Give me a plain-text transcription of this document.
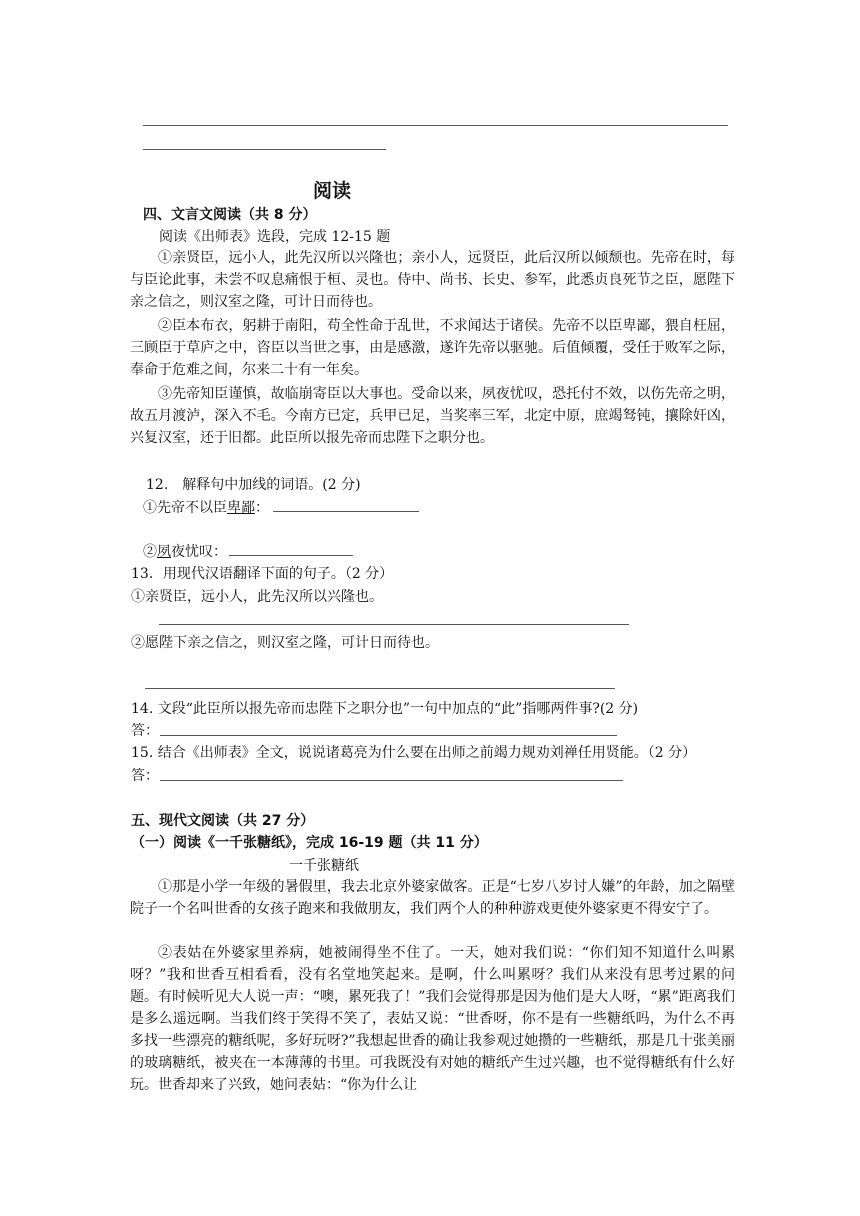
阅读
四、文言文阅读（共 8 分）
阅读《出师表》选段，完成 12-15 题

①亲贤臣，远小人，此先汉所以兴隆也；亲小人，远贤臣，此后汉所以倾颓也。先帝在时，每与臣论此事，未尝不叹息痛恨于桓、灵也。侍中、尚书、长史、参军，此悉贞良死节之臣，愿陛下亲之信之，则汉室之隆，可计日而待也。

②臣本布衣，躬耕于南阳，苟全性命于乱世，不求闻达于诸侯。先帝不以臣卑鄙，猥自枉屈，三顾臣于草庐之中，咨臣以当世之事，由是感激，遂许先帝以驱驰。后值倾覆，受任于败军之际，奉命于危难之间，尔来二十有一年矣。

③先帝知臣谨慎，故临崩寄臣以大事也。受命以来，夙夜忧叹，恐托付不效，以伤先帝之明，故五月渡泸，深入不毛。今南方已定，兵甲已足，当奖率三军，北定中原，庶竭驽钝，攘除奸凶，兴复汉室，还于旧都。此臣所以报先帝而忠陛下之职分也。

12.　解释句中加线的词语。(2 分)
①先帝不以臣卑鄙：
②夙夜忧叹：
13．用现代汉语翻译下面的句子。（2 分）
①亲贤臣，远小人，此先汉所以兴隆也。
②愿陛下亲之信之，则汉室之隆，可计日而待也。
14. 文段“此臣所以报先帝而忠陛下之职分也”一句中加点的“此”指哪两件事?(2 分)
答：
15. 结合《出师表》全文，说说诸葛亮为什么要在出师之前竭力规劝刘禅任用贤能。（2 分）
答：
五、现代文阅读（共 27 分）
（一）阅读《一千张糖纸》，完成 16-19 题（共 11 分）
一千张糖纸

①那是小学一年级的暑假里，我去北京外婆家做客。正是“七岁八岁讨人嫌”的年龄，加之隔壁院子一个名叫世香的女孩子跑来和我做朋友，我们两个人的种种游戏更使外婆家更不得安宁了。

②表姑在外婆家里养病，她被闹得坐不住了。一天，她对我们说：“你们知不知道什么叫累呀？”我和世香互相看看，没有名堂地笑起来。是啊，什么叫累呀？我们从来没有思考过累的问题。有时候听见大人说一声：“噢，累死我了！”我们会觉得那是因为他们是大人呀，“累”距离我们是多么遥远啊。当我们终于笑得不笑了，表姑又说：“世香呀，你不是有一些糖纸吗，为什么不再多找一些漂亮的糖纸呢，多好玩呀?”我想起世香的确让我参观过她攒的一些糖纸，那是几十张美丽的玻璃糖纸，被夹在一本薄薄的书里。可我既没有对她的糖纸产生过兴趣，也不觉得糖纸有什么好玩。世香却来了兴致，她问表姑：“你为什么让
